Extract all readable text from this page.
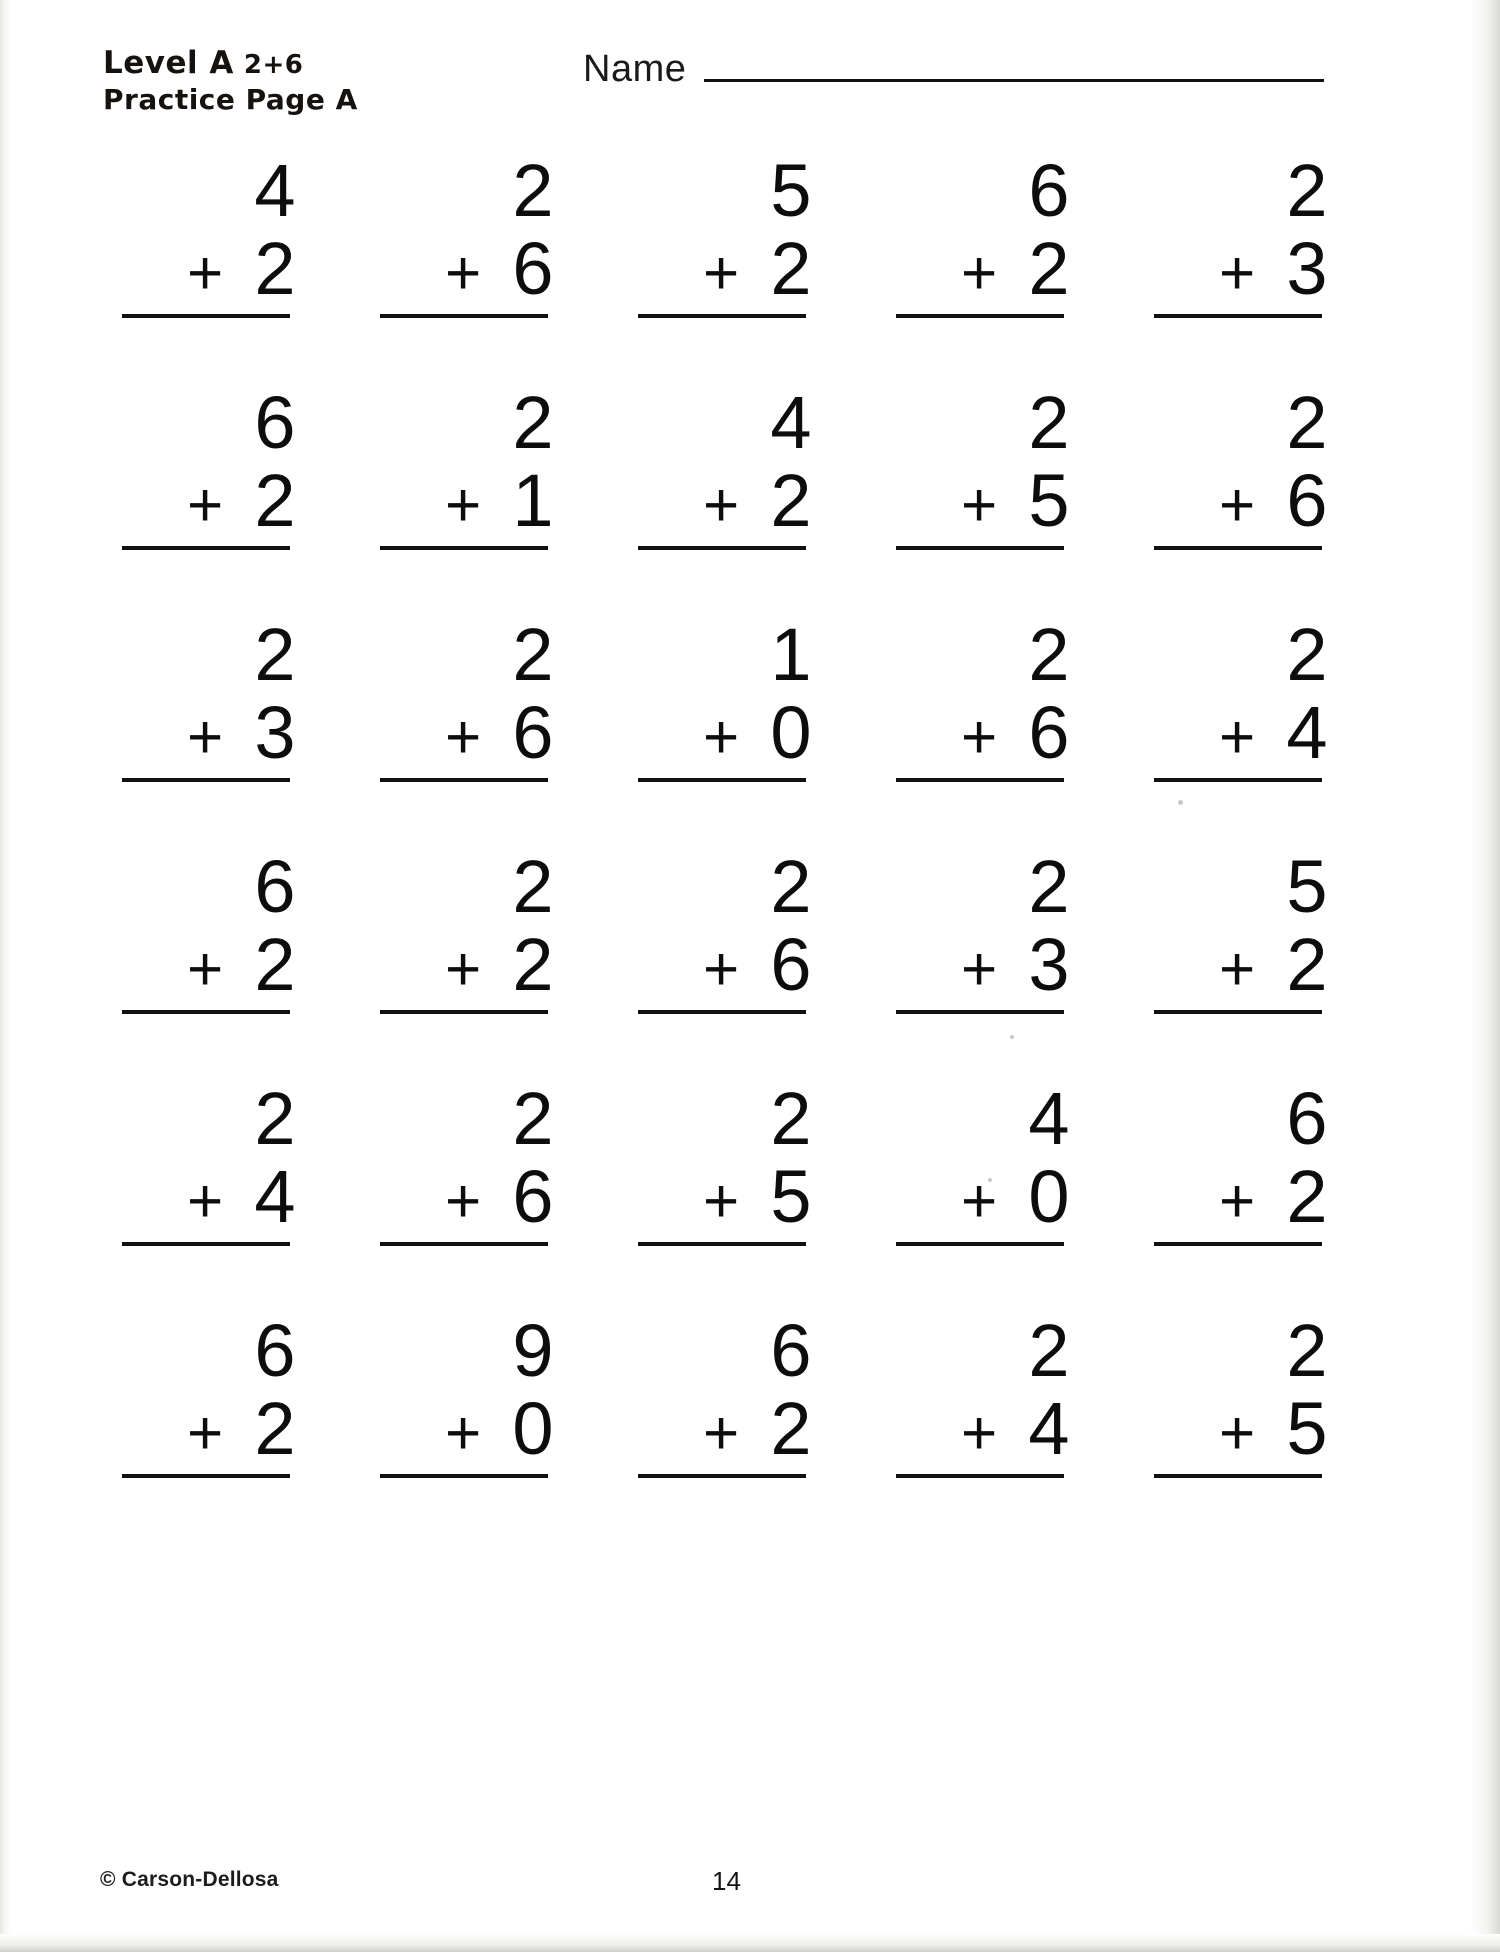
Level A 2+6
Practice Page A
Name
4
+ 2
2
+ 6
5
+ 2
6
+ 2
2
+ 3
6
+ 2
2
+ 1
4
+ 2
2
+ 5
2
+ 6
2
+ 3
2
+ 6
1
+ 0
2
+ 6
2
+ 4
6
+ 2
2
+ 2
2
+ 6
2
+ 3
5
+ 2
2
+ 4
2
+ 6
2
+ 5
4
+ 0
6
+ 2
6
+ 2
9
+ 0
6
+ 2
2
+ 4
2
+ 5
© Carson-Dellosa	14
